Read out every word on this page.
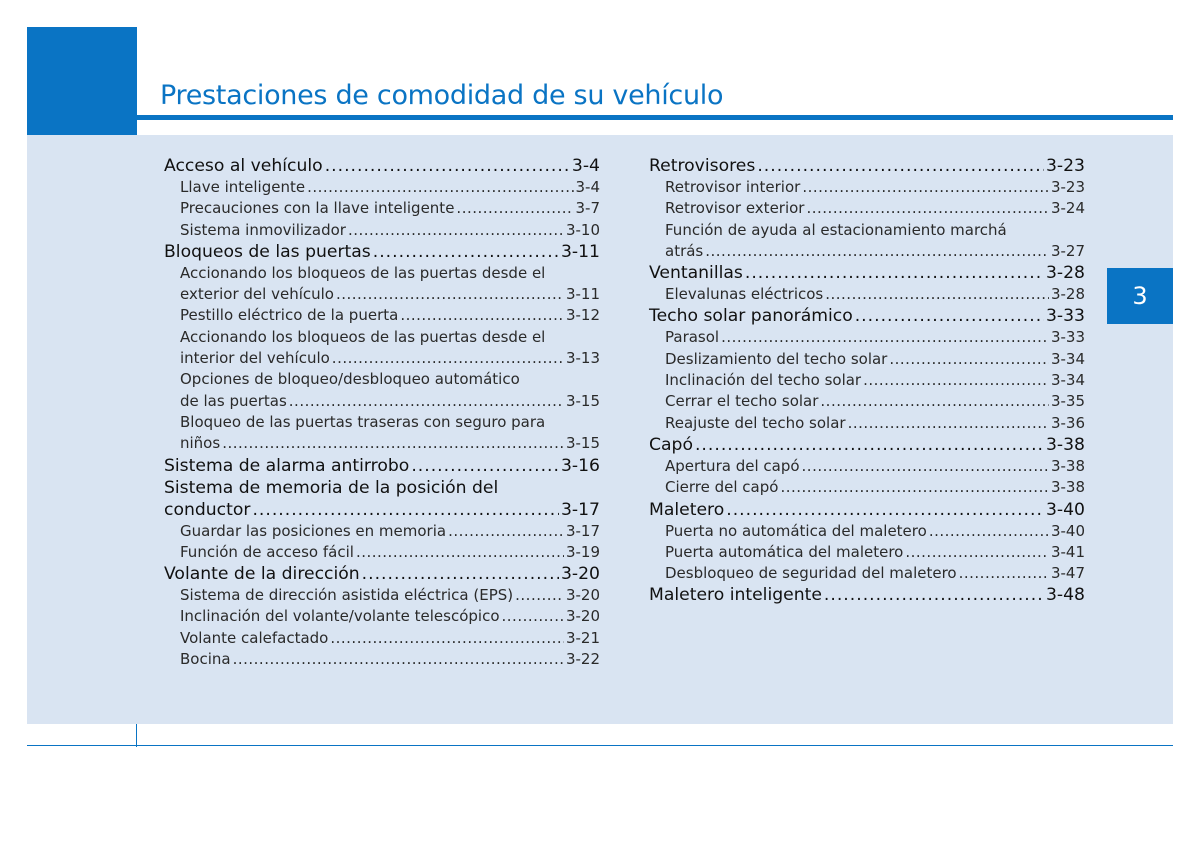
Prestaciones de comodidad de su vehículo
3
Acceso al vehículo .....	3-4
Llave inteligente .....	3-4
Precauciones con la llave inteligente .....	3-7
Sistema inmovilizador .....	3-10
Bloqueos de las puertas .....	3-11
Accionando los bloqueos de las puertas desde el
exterior del vehículo .....	3-11
Pestillo eléctrico de la puerta .....	3-12
Accionando los bloqueos de las puertas desde el
interior del vehículo .....	3-13
Opciones de bloqueo/desbloqueo automático
de las puertas .....	3-15
Bloqueo de las puertas traseras con seguro para
niños .....	3-15
Sistema de alarma antirrobo .....	3-16
Sistema de memoria de la posición del
conductor .....	3-17
Guardar las posiciones en memoria .....	3-17
Función de acceso fácil .....	3-19
Volante de la dirección .....	3-20
Sistema de dirección asistida eléctrica (EPS) .....	3-20
Inclinación del volante/volante telescópico .....	3-20
Volante calefactado .....	3-21
Bocina .....	3-22
Retrovisores .....	3-23
Retrovisor interior .....	3-23
Retrovisor exterior .....	3-24
Función de ayuda al estacionamiento marchá
atrás .....	3-27
Ventanillas .....	3-28
Elevalunas eléctricos .....	3-28
Techo solar panorámico .....	3-33
Parasol .....	3-33
Deslizamiento del techo solar .....	3-34
Inclinación del techo solar .....	3-34
Cerrar el techo solar .....	3-35
Reajuste del techo solar .....	3-36
Capó .....	3-38
Apertura del capó .....	3-38
Cierre del capó .....	3-38
Maletero .....	3-40
Puerta no automática del maletero .....	3-40
Puerta automática del maletero .....	3-41
Desbloqueo de seguridad del maletero .....	3-47
Maletero inteligente .....	3-48
